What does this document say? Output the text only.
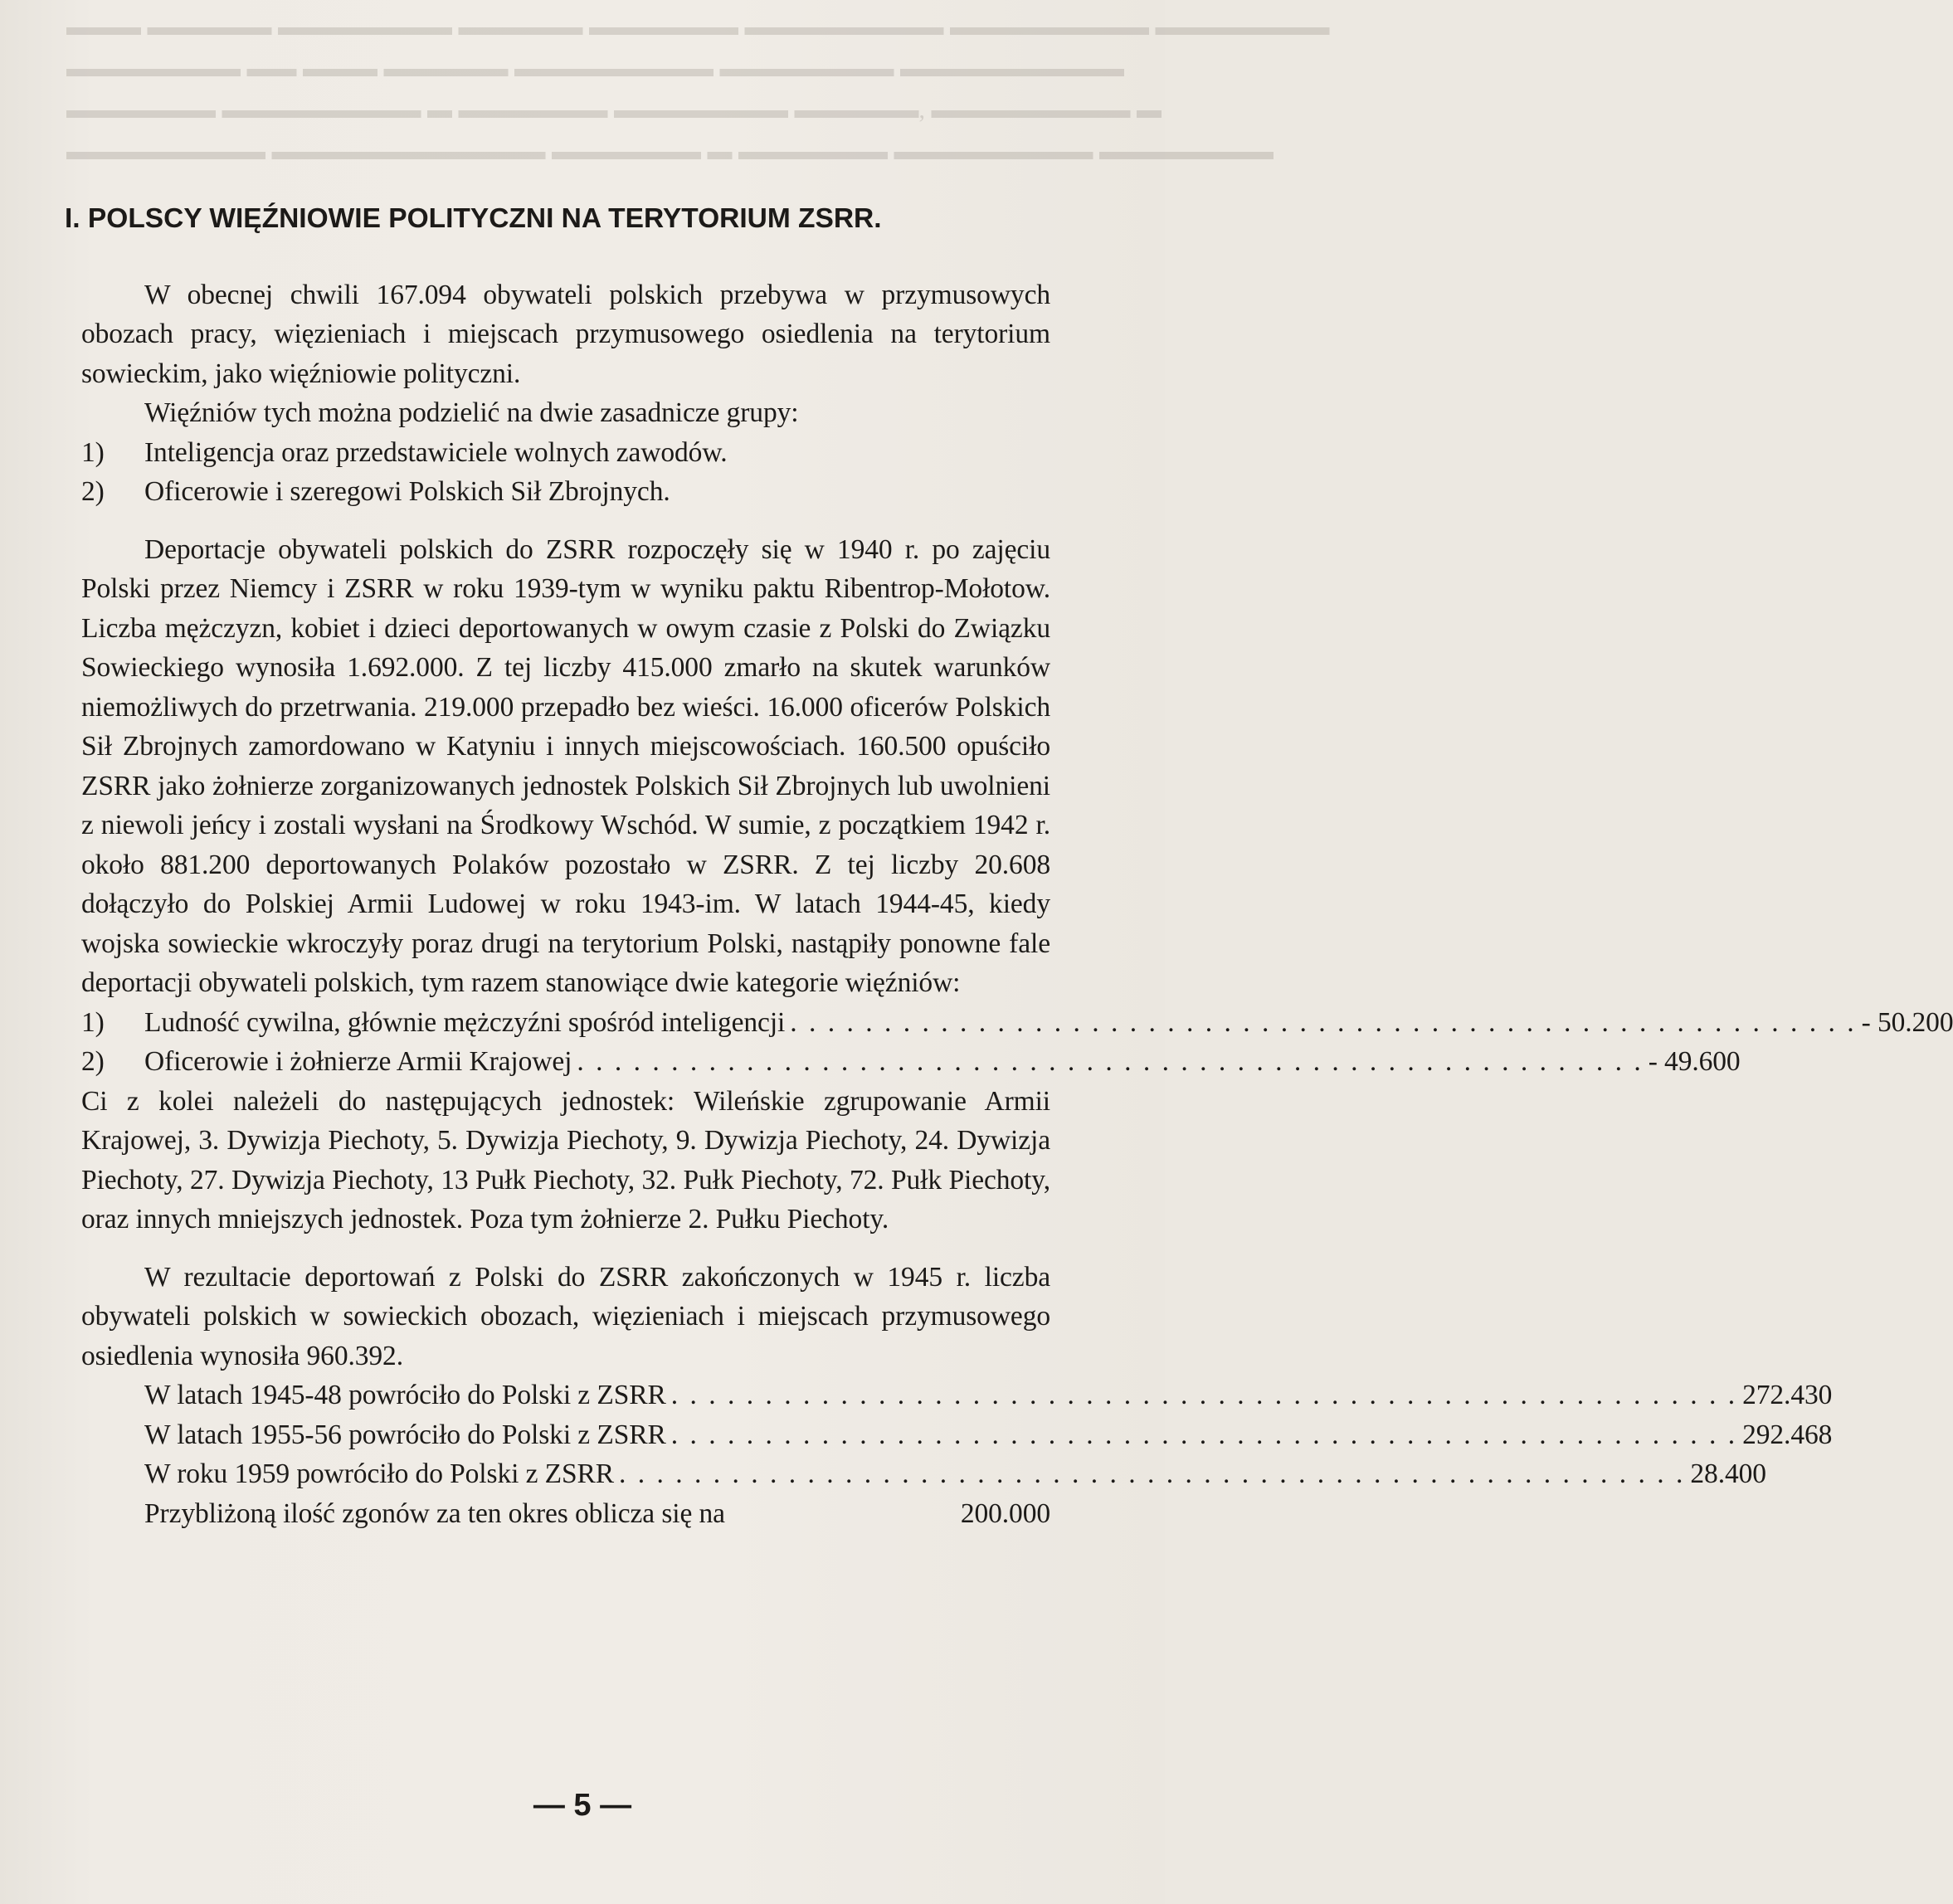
▬▬▬ ▬▬▬▬▬ ▬▬▬▬▬▬▬ ▬▬▬▬▬ ▬▬▬▬▬▬ ▬▬▬▬▬▬▬▬ ▬▬▬▬▬▬▬▬ ▬▬▬▬▬▬▬
▬▬▬▬▬▬▬ ▬▬ ▬▬▬ ▬▬▬▬▬ ▬▬▬▬▬▬▬▬ ▬▬▬▬▬▬▬ ▬▬▬▬▬▬▬▬▬
▬▬▬▬▬▬ ▬▬▬▬▬▬▬▬ ▬ ▬▬▬▬▬▬ ▬▬▬▬▬▬▬ ▬▬▬▬▬, ▬▬▬▬▬▬▬▬ ▬
▬▬▬▬▬▬▬▬ ▬▬▬▬▬▬▬▬▬▬▬ ▬▬▬▬▬▬ ▬ ▬▬▬▬▬▬ ▬▬▬▬▬▬▬▬ ▬▬▬▬▬▬▬
I. POLSCY WIĘŹNIOWIE POLITYCZNI NA TERYTORIUM ZSRR.

W obecnej chwili 167.094 obywateli polskich przebywa w przymusowych obozach pracy, więzieniach i miejscach przymusowego osiedlenia na terytorium sowieckim, jako więźniowie polityczni.

Więźniów tych można podzielić na dwie zasadnicze grupy:

1)	Inteligencja oraz przedstawiciele wolnych zawodów.
2)	Oficerowie i szeregowi Polskich Sił Zbrojnych.

Deportacje obywateli polskich do ZSRR rozpoczęły się w 1940 r. po zajęciu Polski przez Niemcy i ZSRR w roku 1939-tym w wyniku paktu Ribentrop-Mołotow. Liczba mężczyzn, kobiet i dzieci deportowanych w owym czasie z Polski do Związku Sowieckiego wynosiła 1.692.000. Z tej liczby 415.000 zmarło na skutek warunków niemożliwych do przetrwania. 219.000 przepadło bez wieści. 16.000 oficerów Polskich Sił Zbrojnych zamordowano w Katyniu i innych miejscowościach. 160.500 opuściło ZSRR jako żołnierze zorganizowanych jednostek Polskich Sił Zbrojnych lub uwolnieni z niewoli jeńcy i zostali wysłani na Środkowy Wschód. W sumie, z początkiem 1942 r. około 881.200 deportowanych Polaków pozostało w ZSRR. Z tej liczby 20.608 dołączyło do Polskiej Armii Ludowej w roku 1943-im. W latach 1944-45, kiedy wojska sowieckie wkroczyły poraz drugi na terytorium Polski, nastąpiły ponowne fale deportacji obywateli polskich, tym razem stanowiące dwie kategorie więźniów:

1)	Ludność cywilna, głównie mężczyźni spośród inteligencji . . .	- 50.200
2)	Oficerowie i żołnierze Armii Krajowej . . .	- 49.600

Ci z kolei należeli do następujących jednostek: Wileńskie zgrupowanie Armii Krajowej, 3. Dywizja Piechoty, 5. Dywizja Piechoty, 9. Dywizja Piechoty, 24. Dywizja Piechoty, 27. Dywizja Piechoty, 13 Pułk Piechoty, 32. Pułk Piechoty, 72. Pułk Piechoty, oraz innych mniejszych jednostek. Poza tym żołnierze 2. Pułku Piechoty.

W rezultacie deportowań z Polski do ZSRR zakończonych w 1945 r. liczba obywateli polskich w sowieckich obozach, więzieniach i miejscach przymusowego osiedlenia wynosiła 960.392.

W latach 1945-48 powróciło do Polski z ZSRR . . .	272.430
W latach 1955-56 powróciło do Polski z ZSRR . . .	292.468
W roku 1959 powróciło do Polski z ZSRR . . .	28.400
Przybliżoną ilość zgonów za ten okres oblicza się na	200.000
— 5 —
